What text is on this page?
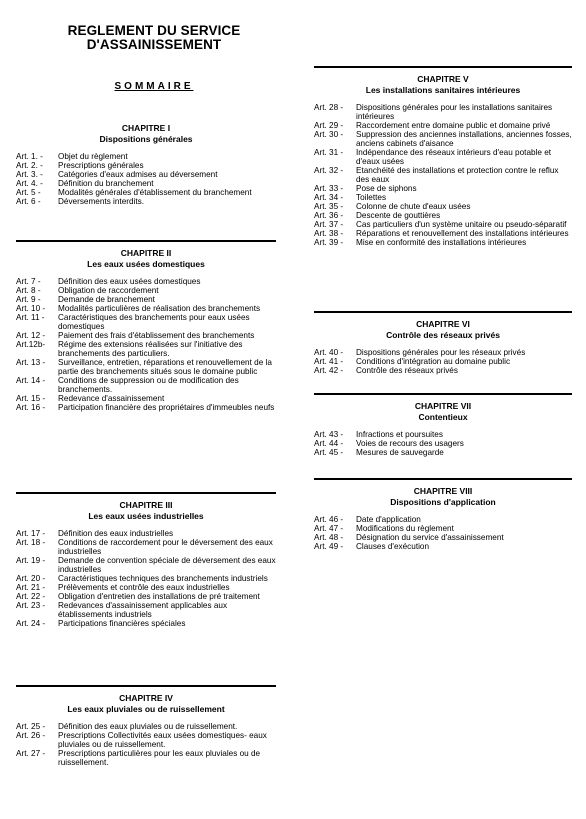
REGLEMENT DU SERVICE
D'ASSAINISSEMENT
SOMMAIRE
CHAPITRE I
Dispositions générales
Art. 1. -	Objet du règlement
Art. 2. -	Prescriptions générales
Art. 3. -	Catégories d'eaux admises au déversement
Art. 4. -	Définition du branchement
Art. 5 -	Modalités générales d'établissement du branchement
Art. 6 -	Déversements interdits.
CHAPITRE II
Les eaux usées domestiques
Art. 7 -	Définition des eaux usées domestiques
Art. 8 -	Obligation de raccordement
Art. 9 -	Demande de branchement
Art. 10 -	Modalités particulières de réalisation des branchements
Art. 11 -	Caractéristiques des branchements pour eaux usées domestiques
Art. 12 -	Paiement des frais d'établissement des branchements
Art.12b-	Régime des extensions réalisées sur l'initiative des branchements des particuliers.
Art. 13 -	Surveillance, entretien, réparations et renouvellement de la partie des branchements situés sous le domaine public
Art. 14 -	Conditions de suppression ou de modification des branchements.
Art. 15 -	Redevance d'assainissement
Art. 16 -	Participation financière des propriétaires d'immeubles neufs
CHAPITRE III
Les eaux usées industrielles
Art. 17 -	Définition des eaux industrielles
Art. 18 -	Conditions de raccordement pour le déversement des eaux industrielles
Art. 19 -	Demande de convention spéciale de déversement des eaux industrielles
Art. 20 -	Caractéristiques techniques des branchements industriels
Art. 21 -	Prélèvements et contrôle des eaux industrielles
Art. 22 -	Obligation d'entretien des installations de pré traitement
Art. 23 -	Redevances d'assainissement applicables aux établissements industriels
Art. 24 -	Participations financières spéciales
CHAPITRE IV
Les eaux pluviales ou de ruissellement
Art. 25 -	Définition des eaux pluviales ou de ruissellement.
Art. 26 -	Prescriptions Collectivités eaux usées domestiques- eaux pluviales ou de ruissellement.
Art. 27 -	Prescriptions particulières pour les eaux pluviales ou de ruissellement.
CHAPITRE V
Les installations sanitaires intérieures
Art. 28 -	Dispositions générales pour les installations sanitaires intérieures
Art. 29 -	Raccordement entre domaine public et domaine privé
Art. 30 -	Suppression des anciennes installations, anciennes fosses, anciens cabinets d'aisance
Art. 31 -	Indépendance des réseaux intérieurs d'eau potable et d'eaux usées
Art. 32 -	Etanchéité des installations et protection contre le reflux des eaux
Art. 33 -	Pose de siphons
Art. 34 -	Toilettes
Art. 35 -	Colonne de chute d'eaux usées
Art. 36 -	Descente de gouttières
Art. 37 -	Cas particuliers d'un système unitaire ou pseudo-séparatif
Art. 38 -	Réparations et renouvellement des installations intérieures
Art. 39 -	Mise en conformité des installations intérieures
CHAPITRE VI
Contrôle des réseaux privés
Art. 40 -	Dispositions générales pour les réseaux privés
Art. 41 -	Conditions d'intégration au domaine public
Art. 42 -	Contrôle des réseaux privés
CHAPITRE VII
Contentieux
Art. 43 -	Infractions et poursuites
Art. 44 -	Voies de recours des usagers
Art. 45 -	Mesures de sauvegarde
CHAPITRE VIII
Dispositions d'application
Art. 46 -	Date d'application
Art. 47 -	Modifications du règlement
Art. 48 -	Désignation du service d'assainissement
Art. 49 -	Clauses d'exécution
